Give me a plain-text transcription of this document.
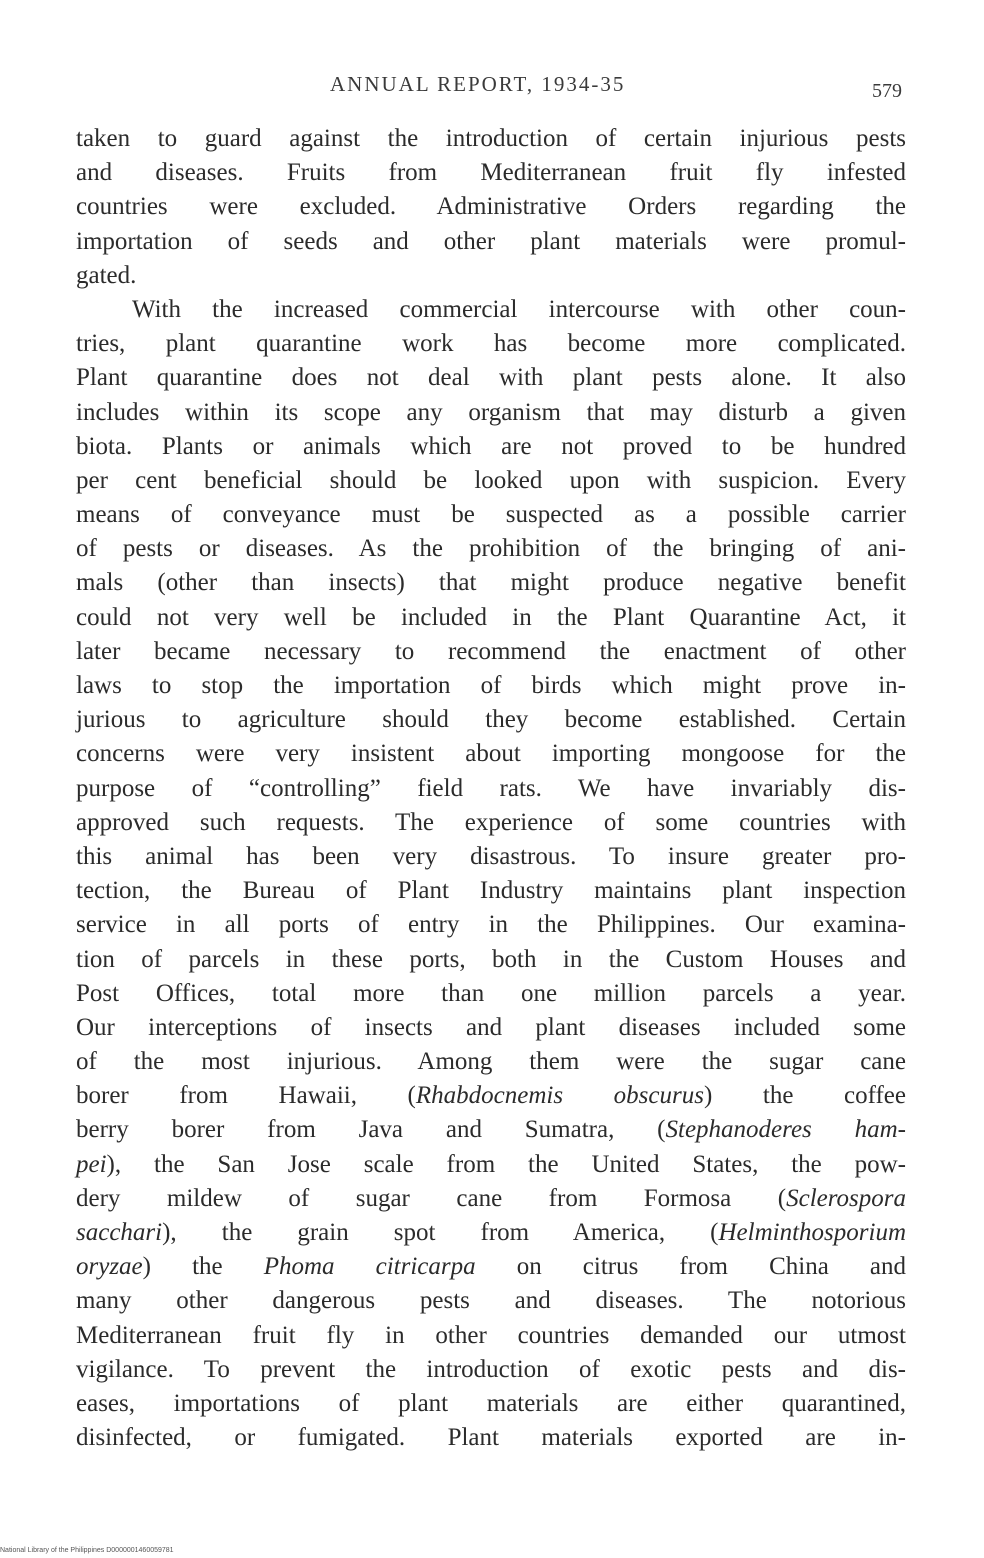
ANNUAL REPORT, 1934-35	579
taken to guard against the introduction of certain injurious pests
and diseases. Fruits from Mediterranean fruit fly infested
countries were excluded. Administrative Orders regarding the
importation of seeds and other plant materials were promul-
gated.
With the increased commercial intercourse with other coun-
tries, plant quarantine work has become more complicated.
Plant quarantine does not deal with plant pests alone. It also
includes within its scope any organism that may disturb a given
biota. Plants or animals which are not proved to be hundred
per cent beneficial should be looked upon with suspicion. Every
means of conveyance must be suspected as a possible carrier
of pests or diseases. As the prohibition of the bringing of ani-
mals (other than insects) that might produce negative benefit
could not very well be included in the Plant Quarantine Act, it
later became necessary to recommend the enactment of other
laws to stop the importation of birds which might prove in-
jurious to agriculture should they become established. Certain
concerns were very insistent about importing mongoose for the
purpose of “controlling” field rats. We have invariably dis-
approved such requests. The experience of some countries with
this animal has been very disastrous. To insure greater pro-
tection, the Bureau of Plant Industry maintains plant inspection
service in all ports of entry in the Philippines. Our examina-
tion of parcels in these ports, both in the Custom Houses and
Post Offices, total more than one million parcels a year.
Our interceptions of insects and plant diseases included some
of the most injurious. Among them were the sugar cane
borer from Hawaii, (Rhabdocnemis obscurus) the coffee
berry borer from Java and Sumatra, (Stephanoderes ham-
pei), the San Jose scale from the United States, the pow-
dery mildew of sugar cane from Formosa (Sclerospora
sacchari), the grain spot from America, (Helminthosporium
oryzae) the Phoma citricarpa on citrus from China and
many other dangerous pests and diseases. The notorious
Mediterranean fruit fly in other countries demanded our utmost
vigilance. To prevent the introduction of exotic pests and dis-
eases, importations of plant materials are either quarantined,
disinfected, or fumigated. Plant materials exported are in-
National Library of the Philippines D0000001460059781
